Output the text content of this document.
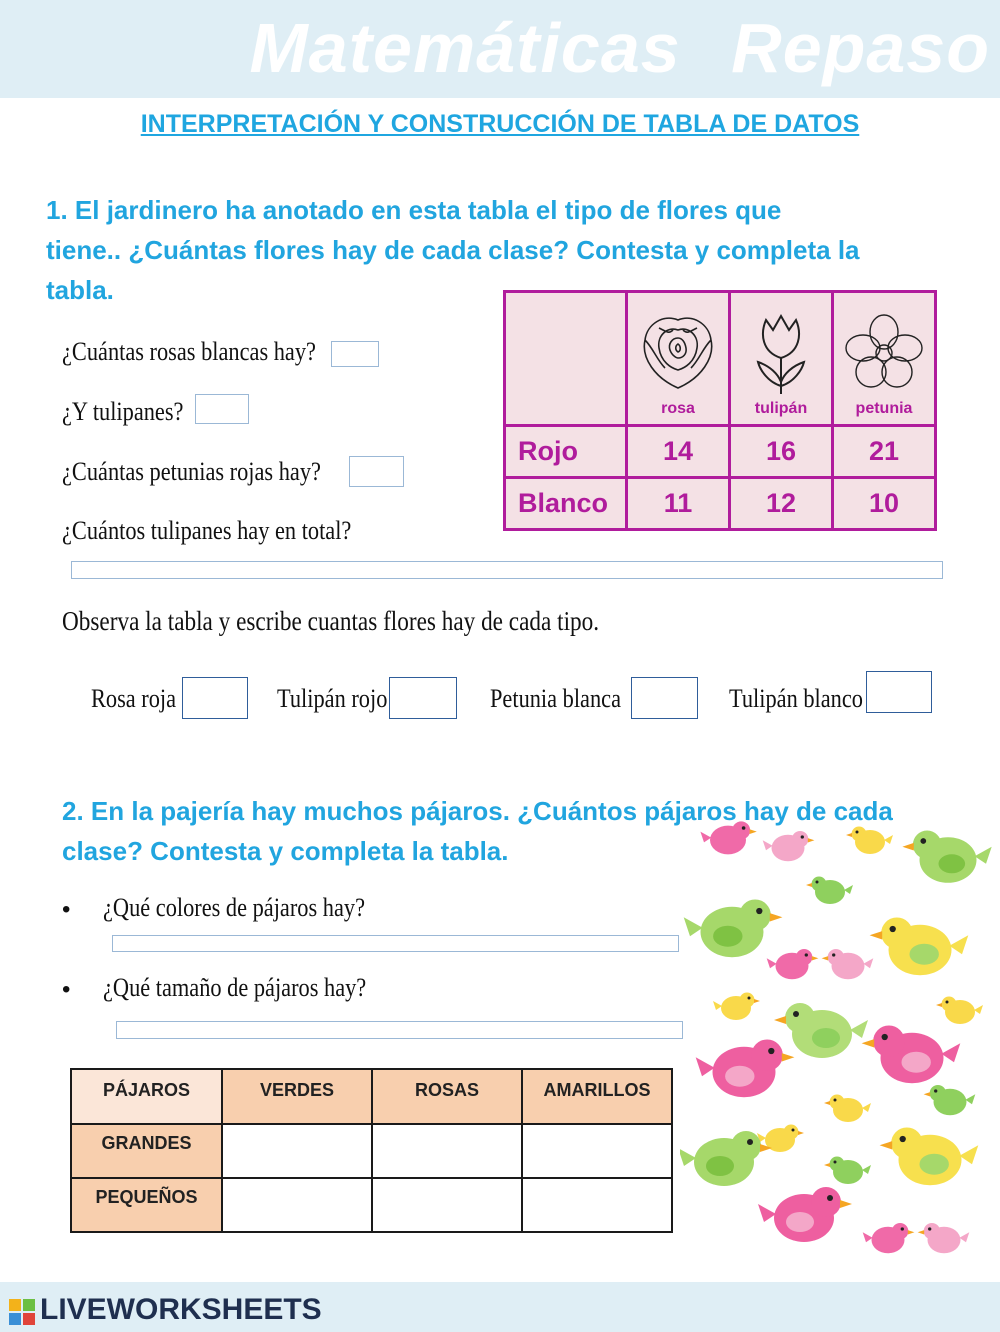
Matemáticas Repaso
INTERPRETACIÓN Y CONSTRUCCIÓN DE TABLA DE DATOS
1. El jardinero ha anotado en esta tabla el tipo de flores que
tiene.. ¿Cuántas flores hay de cada clase? Contesta y completa la
tabla.
¿Cuántas rosas blancas hay?
¿Y tulipanes?
¿Cuántas petunias rojas hay?
¿Cuántos tulipanes hay en total?

	rosa	tulipán	petunia

Rojo	14	16	21
Blanco	11	12	10
Observa la tabla y escribe cuantas flores hay de cada tipo.
Rosa roja	Tulipán rojo	Petunia blanca	Tulipán blanco
2. En la pajería hay muchos pájaros. ¿Cuántos pájaros hay de cada
clase? Contesta y completa la tabla.
• ¿Qué colores de pájaros hay?
• ¿Qué tamaño de pájaros hay?
PÁJAROS	VERDES	ROSAS	AMARILLOS
GRANDES			
PEQUEÑOS			
LIVEWORKSHEETS
